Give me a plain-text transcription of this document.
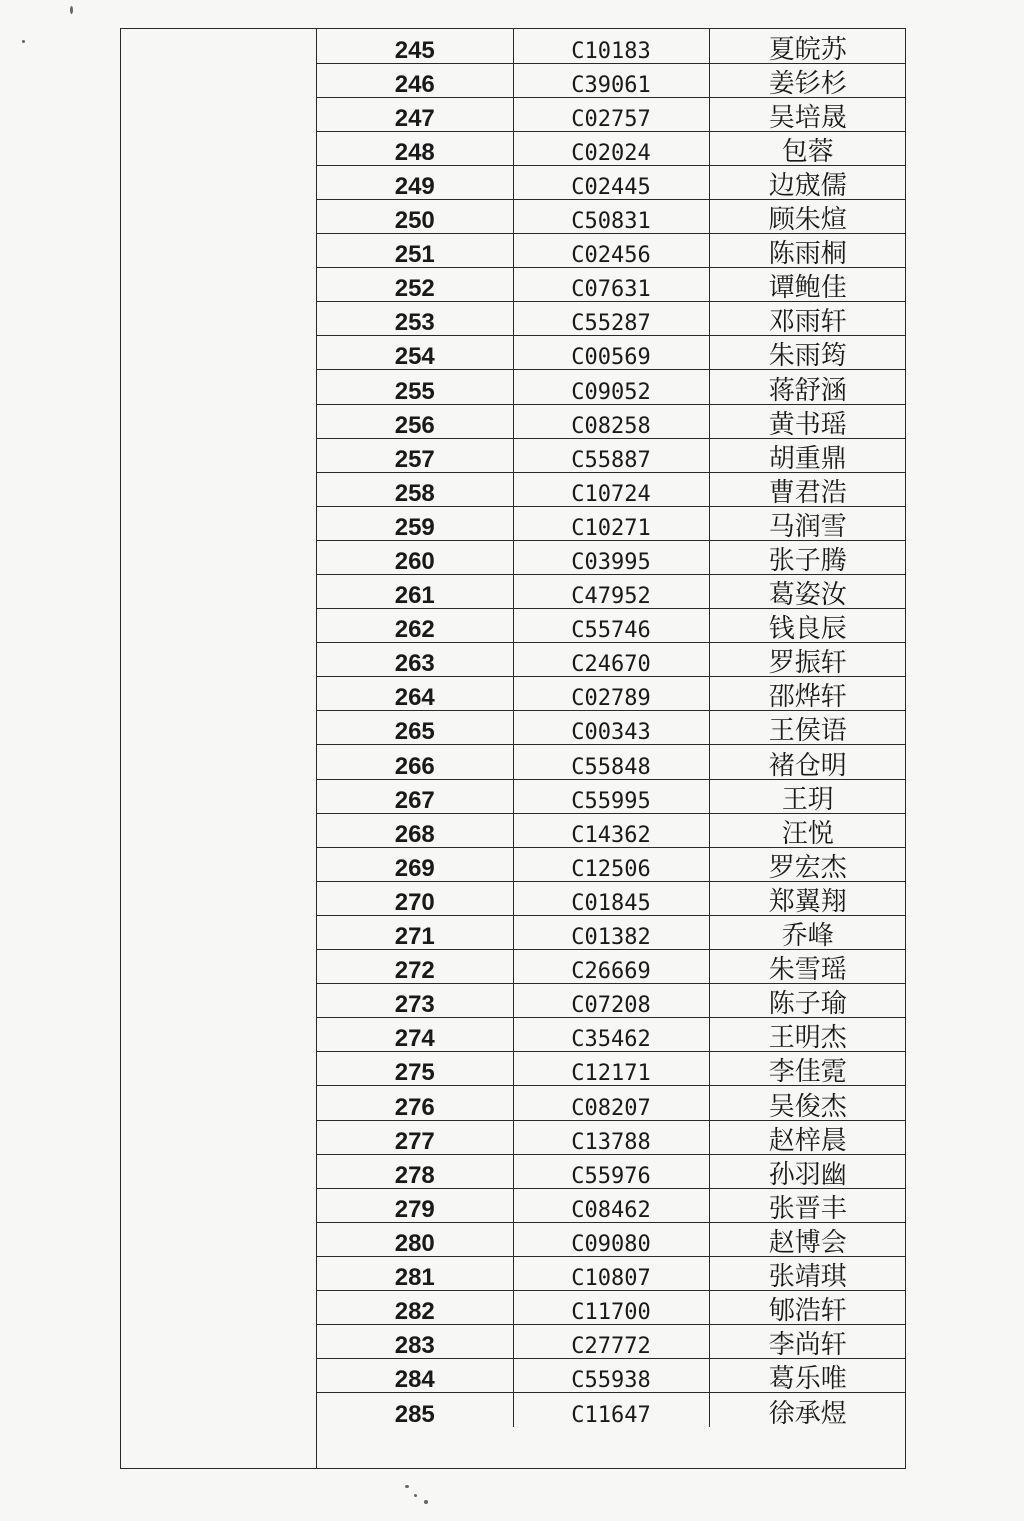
245	C10183	夏皖苏
246	C39061	姜钐杉
247	C02757	吴培晟
248	C02024	包蓉
249	C02445	边宬儒
250	C50831	顾朱煊
251	C02456	陈雨桐
252	C07631	谭鲍佳
253	C55287	邓雨轩
254	C00569	朱雨筠
255	C09052	蒋舒涵
256	C08258	黄书瑶
257	C55887	胡重鼎
258	C10724	曹君浩
259	C10271	马润雪
260	C03995	张子腾
261	C47952	葛姿汝
262	C55746	钱良辰
263	C24670	罗振轩
264	C02789	邵烨轩
265	C00343	王侯语
266	C55848	褚仓明
267	C55995	王玥
268	C14362	汪悦
269	C12506	罗宏杰
270	C01845	郑翼翔
271	C01382	乔峰
272	C26669	朱雪瑶
273	C07208	陈子瑜
274	C35462	王明杰
275	C12171	李佳霓
276	C08207	吴俊杰
277	C13788	赵梓晨
278	C55976	孙羽幽
279	C08462	张晋丰
280	C09080	赵博会
281	C10807	张靖琪
282	C11700	郇浩轩
283	C27772	李尚轩
284	C55938	葛乐唯
285	C11647	徐承煜
